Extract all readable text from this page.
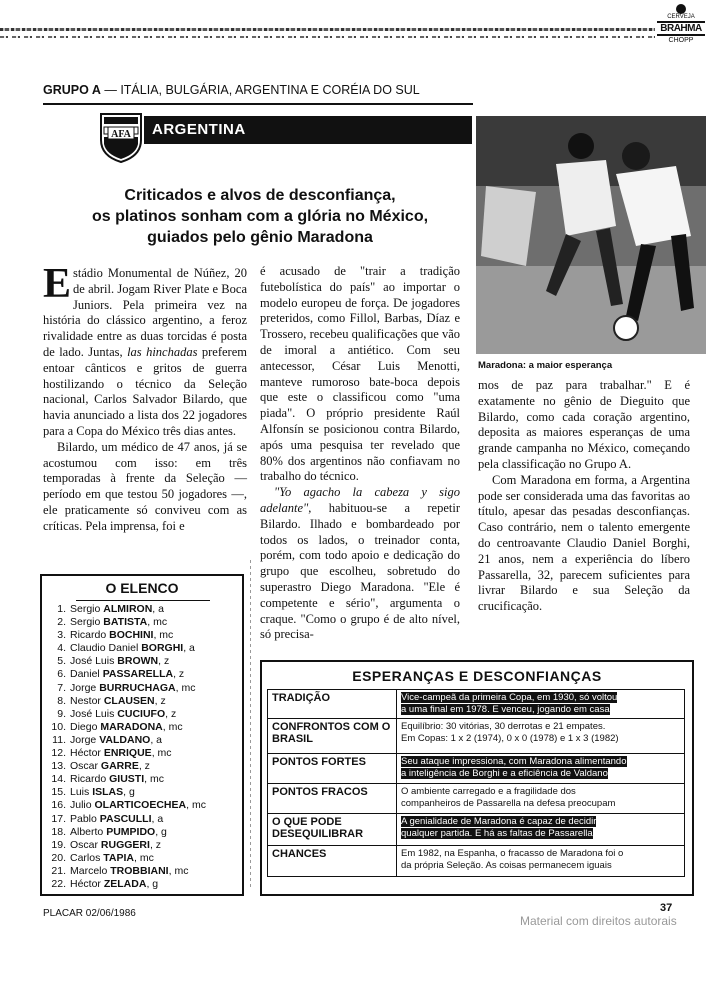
CERVEJA
BRAHMA
CHOPP
GRUPO A — ITÁLIA, BULGÁRIA, ARGENTINA E CORÉIA DO SUL
AFA ARGENTINA
Criticados e alvos de desconfiança,
os platinos sonham com a glória no México,
guiados pelo gênio Maradona
Maradona: a maior esperança

Estádio Monumental de Núñez, 20 de abril. Jogam River Plate e Boca Juniors. Pela primeira vez na história do clássico argentino, a feroz rivalidade entre as duas torcidas é posta de lado. Juntas, las hinchadas preferem entoar cânticos e gritos de guerra hostilizando o técnico da Seleção nacional, Carlos Salvador Bilardo, que havia anunciado a lista dos 22 jogadores para a Copa do México três dias antes.

Bilardo, um médico de 47 anos, já se acostumou com isso: em três temporadas à frente da Seleção — período em que testou 50 jogadores —, ele praticamente só conviveu com as críticas. Pela imprensa, foi e

é acusado de "trair a tradição futebolística do país" ao importar o modelo europeu de força. De jogadores preteridos, como Fillol, Barbas, Díaz e Trossero, recebeu qualificações que vão de imoral a antiético. Com seu antecessor, César Luis Menotti, manteve rumoroso bate-boca depois que este o classificou como "uma piada". O próprio presidente Raúl Alfonsín se posicionou contra Bilardo, após uma pesquisa ter revelado que 80% dos argentinos não confiavam no trabalho do técnico.

"Yo agacho la cabeza y sigo adelante", habituou-se a repetir Bilardo. Ilhado e bombardeado por todos os lados, o treinador conta, porém, com todo apoio e dedicação do grupo que escolheu, sobretudo do superastro Diego Maradona. "Ele é competente e sério", argumenta o craque. "Como o grupo é de alto nível, só precisa-

mos de paz para trabalhar." E é exatamente no gênio de Dieguito que Bilardo, como cada coração argentino, deposita as maiores esperanças de uma grande campanha no México, começando pela classificação no Grupo A.

Com Maradona em forma, a Argentina pode ser considerada uma das favoritas ao título, apesar das pesadas desconfianças. Caso contrário, nem o talento emergente do centroavante Claudio Daniel Borghi, 21 anos, nem a experiência do líbero Passarella, 32, parecem suficientes para livrar Bilardo e sua Seleção da crucificação.

O ELENCO
1. Sergio ALMIRON, a
2. Sergio BATISTA, mc
3. Ricardo BOCHINI, mc
4. Claudio Daniel BORGHI, a
5. José Luis BROWN, z
6. Daniel PASSARELLA, z
7. Jorge BURRUCHAGA, mc
8. Nestor CLAUSEN, z
9. José Luis CUCIUFO, z
10. Diego MARADONA, mc
11. Jorge VALDANO, a
12. Héctor ENRIQUE, mc
13. Oscar GARRE, z
14. Ricardo GIUSTI, mc
15. Luis ISLAS, g
16. Julio OLARTICOECHEA, mc
17. Pablo PASCULLI, a
18. Alberto PUMPIDO, g
19. Oscar RUGGERI, z
20. Carlos TAPIA, mc
21. Marcelo TROBBIANI, mc
22. Héctor ZELADA, g
ESPERANÇAS E DESCONFIANÇAS
TRADIÇÃO	Vice-campeã da primeira Copa, em 1930, só voltou
a uma final em 1978. E venceu, jogando em casa
CONFRONTOS COM O BRASIL	Equilíbrio: 30 vitórias, 30 derrotas e 21 empates.
Em Copas: 1 x 2 (1974), 0 x 0 (1978) e 1 x 3 (1982)
PONTOS FORTES	Seu ataque impressiona, com Maradona alimentando
a inteligência de Borghi e a eficiência de Valdano
PONTOS FRACOS	O ambiente carregado e a fragilidade dos
companheiros de Passarella na defesa preocupam
O QUE PODE DESEQUILIBRAR	A genialidade de Maradona é capaz de decidir
qualquer partida. E há as faltas de Passarella
CHANCES	Em 1982, na Espanha, o fracasso de Maradona foi o
da própria Seleção. As coisas permanecem iguais
PLACAR 02/06/1986	37
Material com direitos autorais
